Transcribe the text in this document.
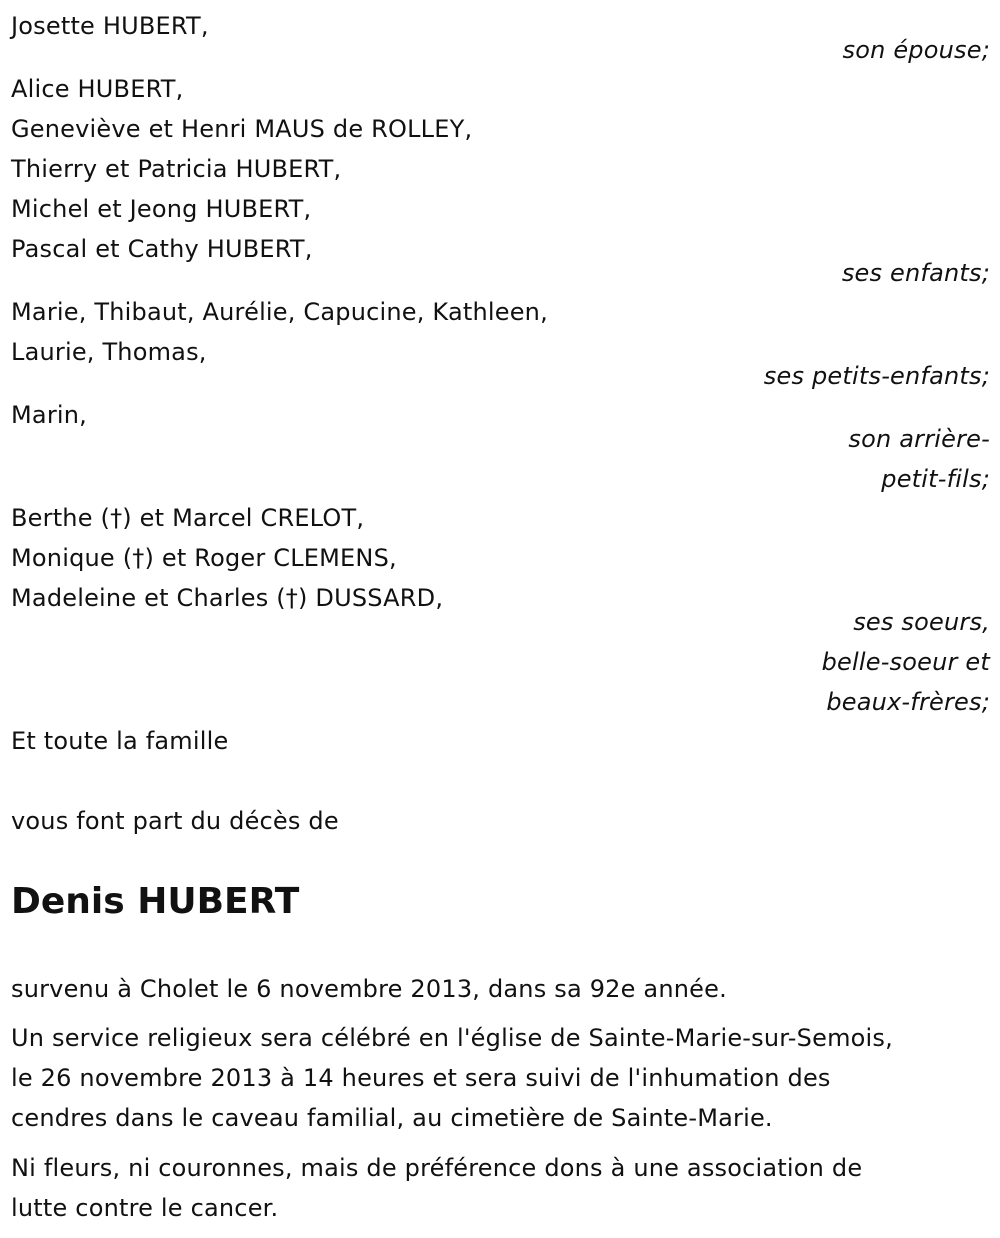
Josette HUBERT,
son épouse;
Alice HUBERT,
Geneviève et Henri MAUS de ROLLEY,
Thierry et Patricia HUBERT,
Michel et Jeong HUBERT,
Pascal et Cathy HUBERT,
ses enfants;
Marie, Thibaut, Aurélie, Capucine, Kathleen,
Laurie, Thomas,
ses petits-enfants;
Marin,
son arrière-
petit-fils;
Berthe (†) et Marcel CRELOT,
Monique (†) et Roger CLEMENS,
Madeleine et Charles (†) DUSSARD,
ses soeurs,
belle-soeur et
beaux-frères;
Et toute la famille
vous font part du décès de
Denis HUBERT
survenu à Cholet le 6 novembre 2013, dans sa 92e année.
Un service religieux sera célébré en l'église de Sainte-Marie-sur-Semois,
le 26 novembre 2013 à 14 heures et sera suivi de l'inhumation des
cendres dans le caveau familial, au cimetière de Sainte-Marie.
Ni fleurs, ni couronnes, mais de préférence dons à une association de
lutte contre le cancer.
